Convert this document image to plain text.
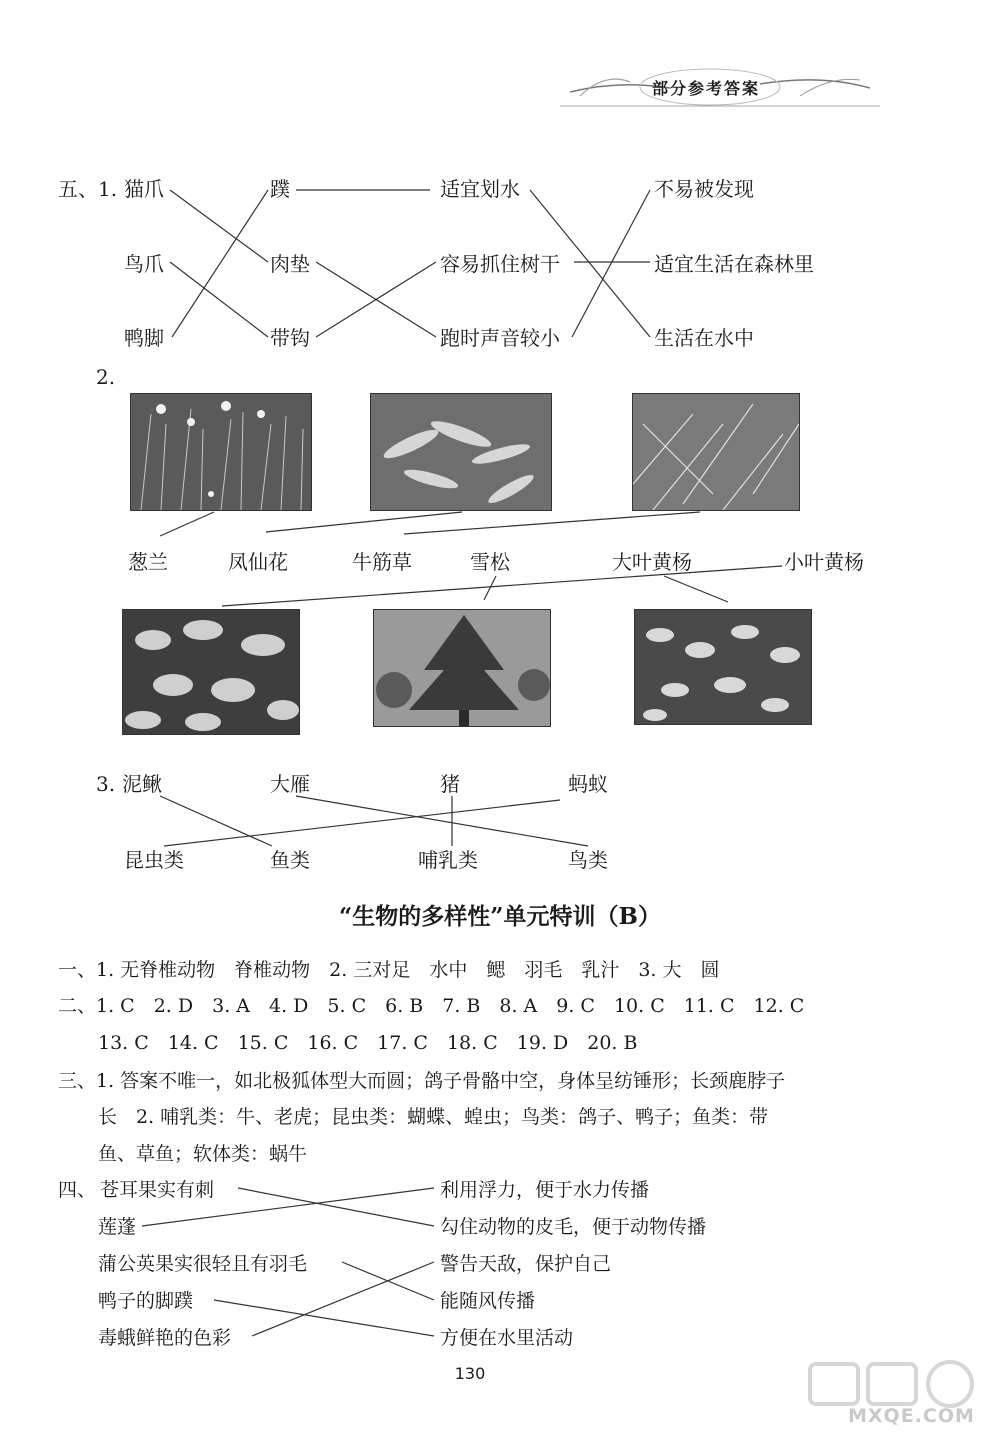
部分参考答案
五、1. 猫爪
鸟爪
鸭脚
蹼
肉垫
带钩
适宜划水
容易抓住树干
跑时声音较小
不易被发现
适宜生活在森林里
生活在水中
2.
葱兰	凤仙花	牛筋草	雪松	大叶黄杨	小叶黄杨
3. 泥鳅	大雁	猪	蚂蚁
昆虫类	鱼类	哺乳类	鸟类
“生物的多样性”单元特训（B）
一、1. 无脊椎动物　脊椎动物　2. 三对足　水中　鳃　羽毛　乳汁　3. 大　圆
二、1. C　2. D　3. A　4. D　5. C　6. B　7. B　8. A　9. C　10. C　11. C　12. C
13. C　14. C　15. C　16. C　17. C　18. C　19. D　20. B
三、1. 答案不唯一，如北极狐体型大而圆；鸽子骨骼中空，身体呈纺锤形；长颈鹿脖子
长　2. 哺乳类：牛、老虎；昆虫类：蝴蝶、蝗虫；鸟类：鸽子、鸭子；鱼类：带
鱼、草鱼；软体类：蜗牛
四、 苍耳果实有刺
莲蓬
蒲公英果实很轻且有羽毛
鸭子的脚蹼
毒蛾鲜艳的色彩
利用浮力，便于水力传播
勾住动物的皮毛，便于动物传播
警告天敌，保护自己
能随风传播
方便在水里活动
130
MXQE.COM
